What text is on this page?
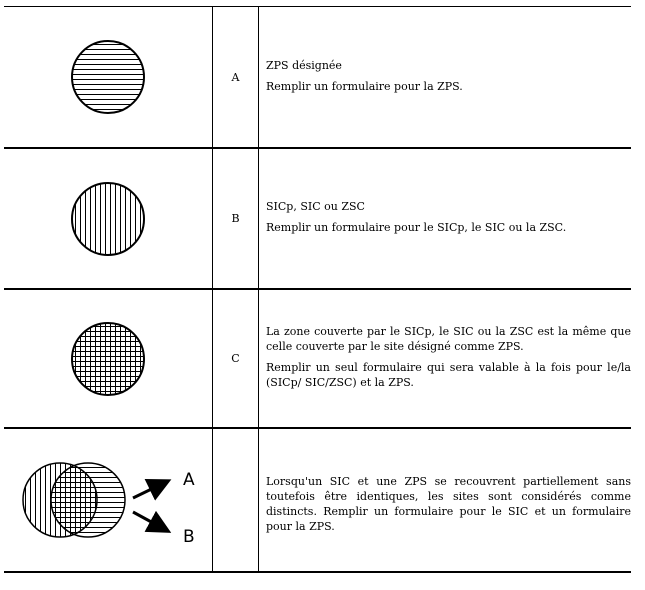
A

ZPS désignée

Remplir un formulaire pour la ZPS.

B

SICp, SIC ou ZSC

Remplir un formulaire pour le SICp, le SIC ou la ZSC.

C

La zone couverte par le SICp, le SIC ou la ZSC est la même que celle couverte par le site désigné comme ZPS.

Remplir un seul formulaire qui sera valable à la fois pour le/la (SICp/ SIC/ZSC) et la ZPS.

A
B

Lorsqu'un SIC et une ZPS se recouvrent partiellement sans toutefois être identiques, les sites sont considérés comme distincts. Remplir un formulaire pour le SIC et un formulaire pour la ZPS.
